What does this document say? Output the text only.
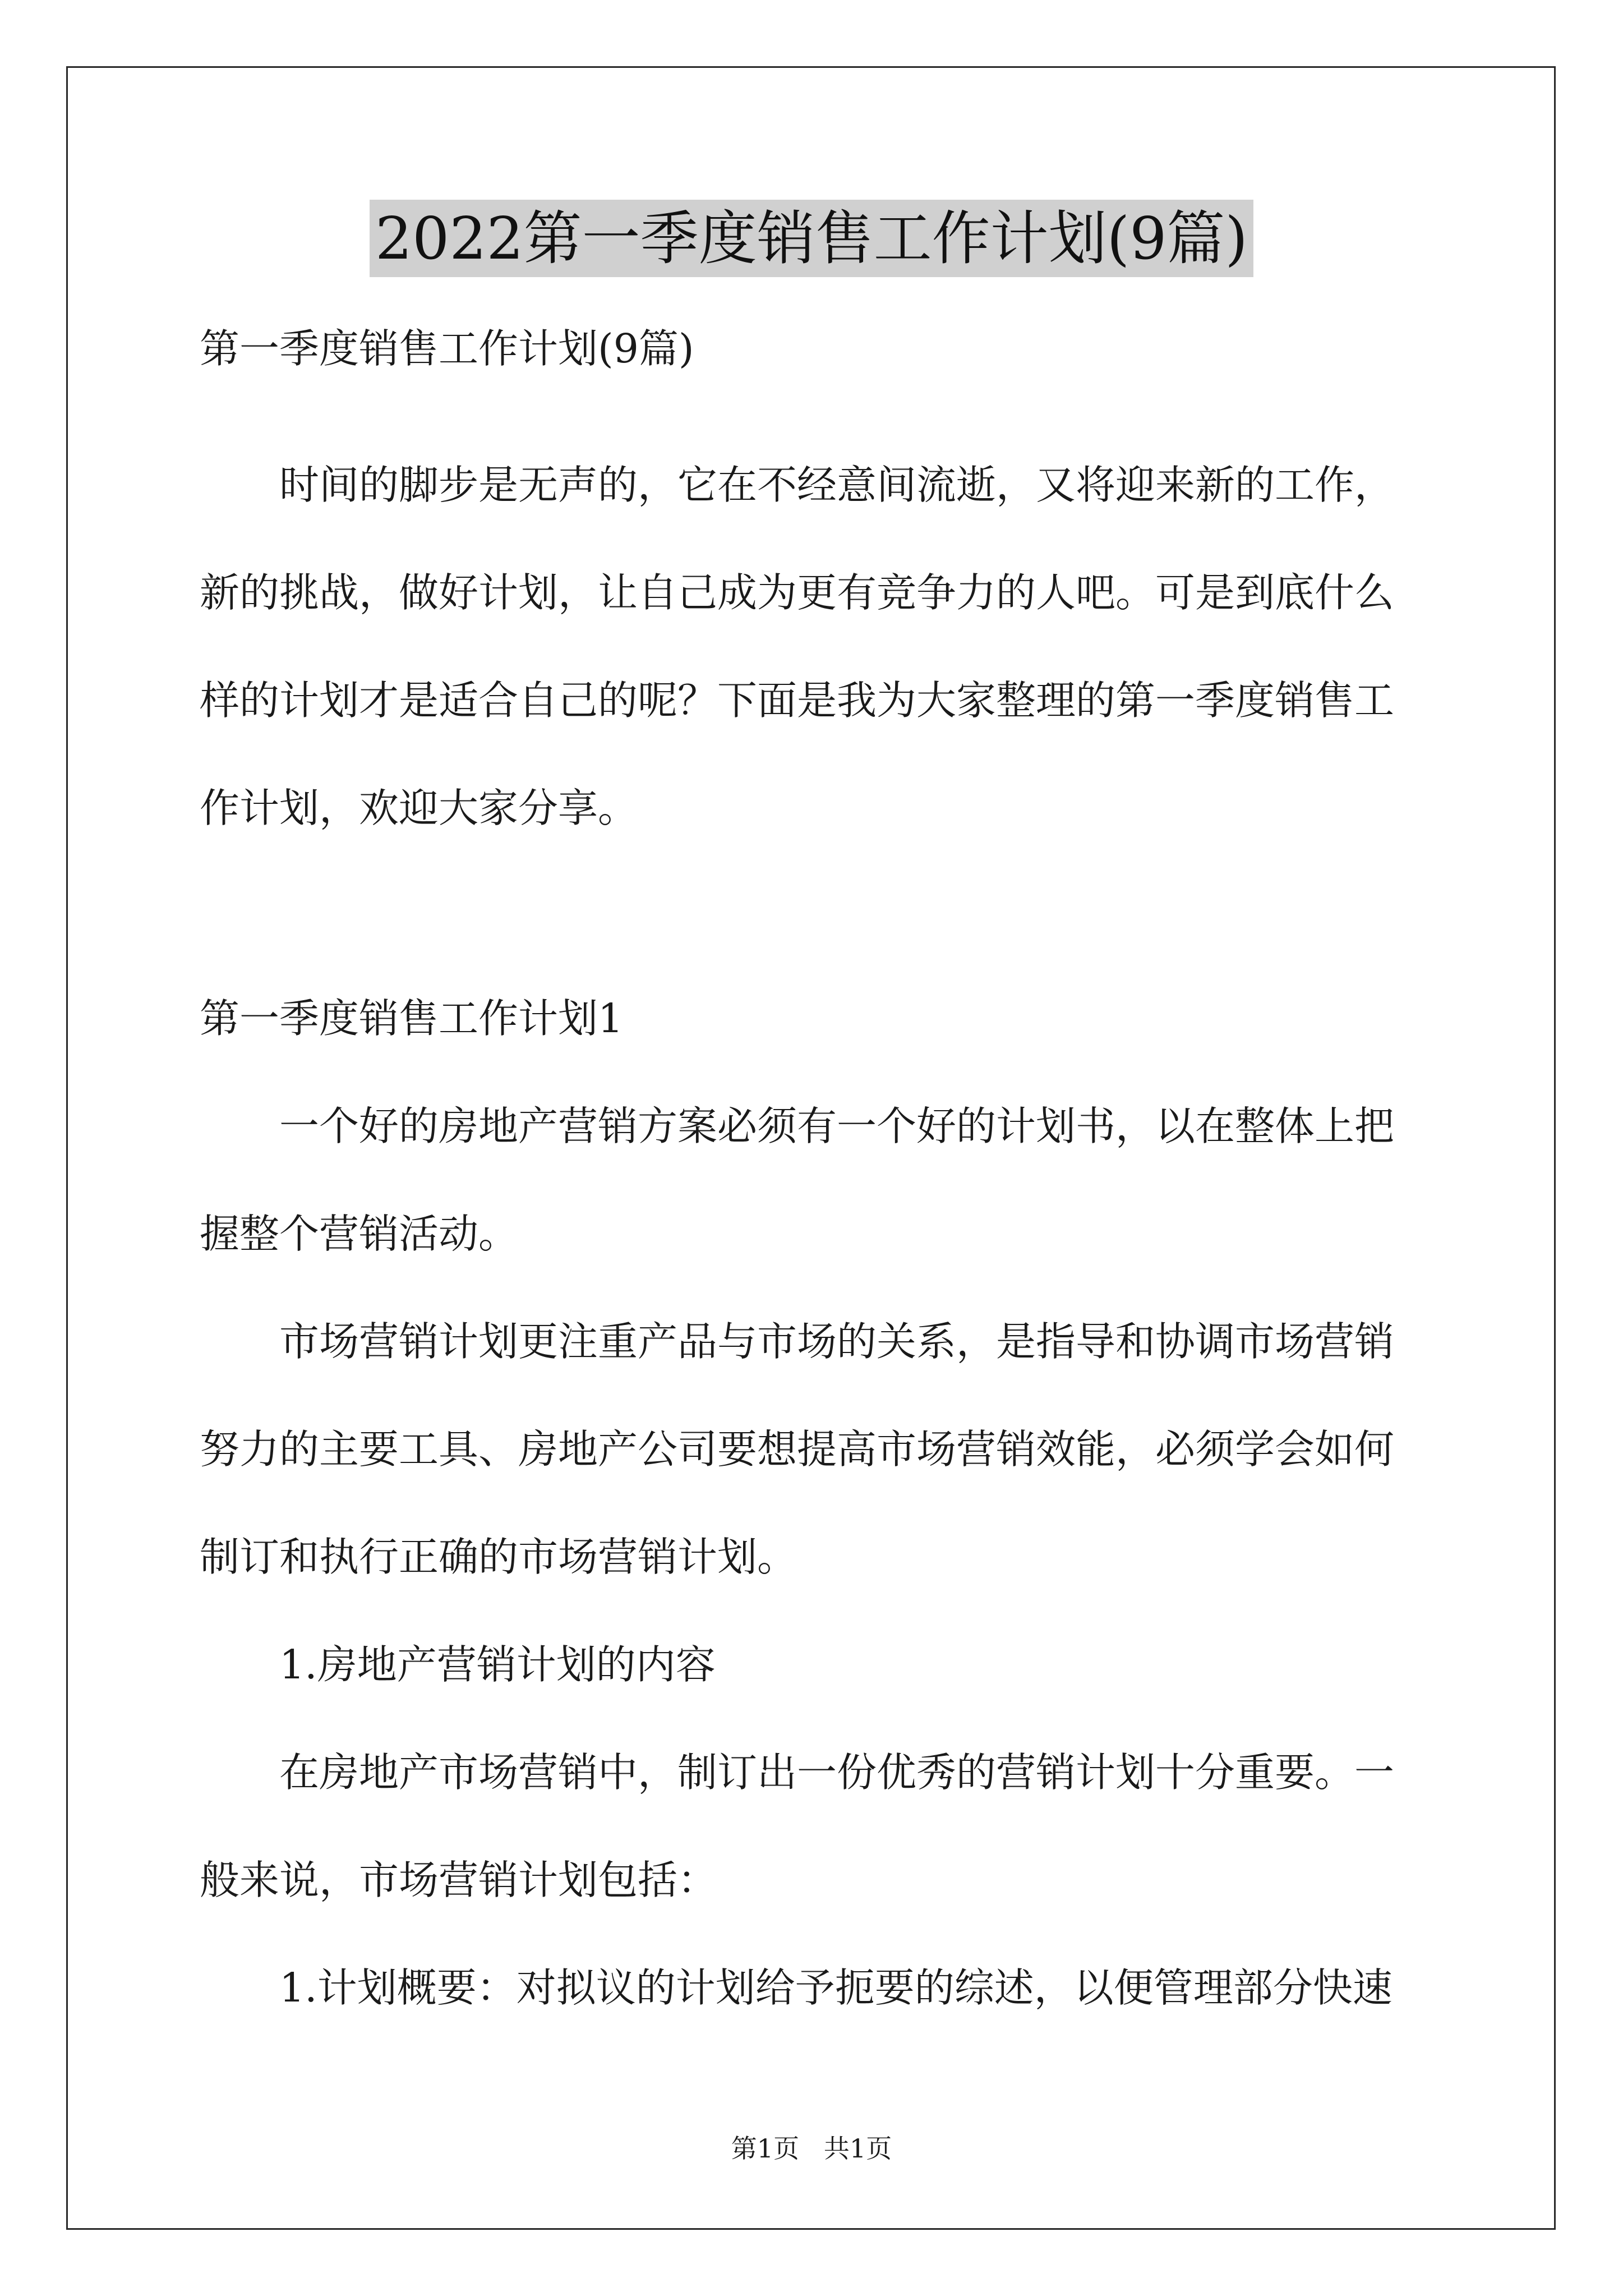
2022第一季度销售工作计划(9篇)

第一季度销售工作计划(9篇)

时间的脚步是无声的，它在不经意间流逝，又将迎来新的工作，新的挑战，做好计划，让自己成为更有竞争力的人吧。可是到底什么样的计划才是适合自己的呢？下面是我为大家整理的第一季度销售工作计划，欢迎大家分享。

第一季度销售工作计划1

一个好的房地产营销方案必须有一个好的计划书，以在整体上把握整个营销活动。

市场营销计划更注重产品与市场的关系，是指导和协调市场营销努力的主要工具、房地产公司要想提高市场营销效能，必须学会如何制订和执行正确的市场营销计划。

1.房地产营销计划的内容

在房地产市场营销中，制订出一份优秀的营销计划十分重要。一般来说，市场营销计划包括：

1.计划概要：对拟议的计划给予扼要的综述，以便管理部分快速

第1页   共1页
